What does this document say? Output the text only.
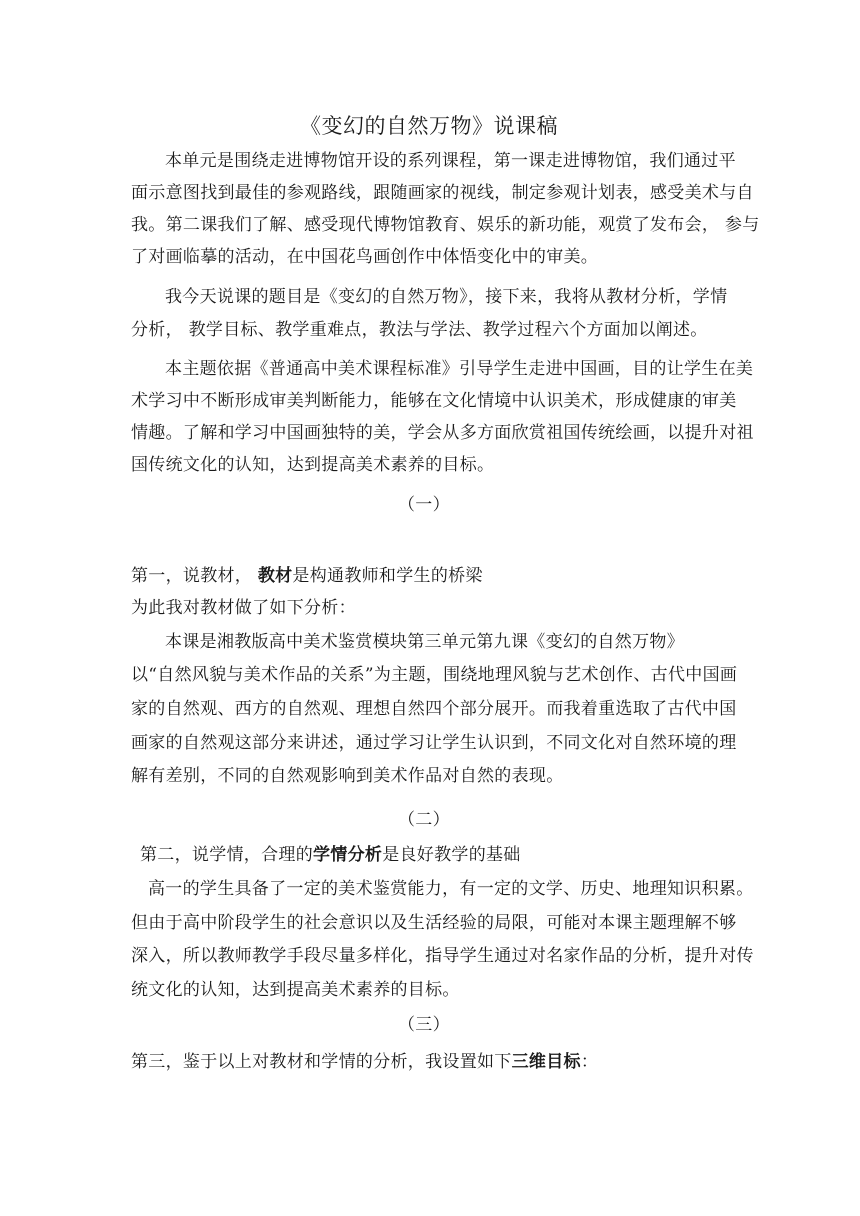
《变幻的自然万物》说课稿
本单元是围绕走进博物馆开设的系列课程，第一课走进博物馆，我们通过平
面示意图找到最佳的参观路线，跟随画家的视线，制定参观计划表，感受美术与自
我。第二课我们了解、感受现代博物馆教育、娱乐的新功能，观赏了发布会， 参与
了对画临摹的活动，在中国花鸟画创作中体悟变化中的审美。
我今天说课的题目是《变幻的自然万物》，接下来，我将从教材分析，学情
分析， 教学目标、教学重难点，教法与学法、教学过程六个方面加以阐述。
本主题依据《普通高中美术课程标准》引导学生走进中国画，目的让学生在美
术学习中不断形成审美判断能力，能够在文化情境中认识美术，形成健康的审美
情趣。了解和学习中国画独特的美，学会从多方面欣赏祖国传统绘画，以提升对祖
国传统文化的认知，达到提高美术素养的目标。
（一）
第一，说教材， 教材是构通教师和学生的桥梁
为此我对教材做了如下分析：
本课是湘教版高中美术鉴赏模块第三单元第九课《变幻的自然万物》
以“自然风貌与美术作品的关系”为主题，围绕地理风貌与艺术创作、古代中国画
家的自然观、西方的自然观、理想自然四个部分展开。而我着重选取了古代中国
画家的自然观这部分来讲述，通过学习让学生认识到，不同文化对自然环境的理
解有差别，不同的自然观影响到美术作品对自然的表现。
（二）
第二，说学情，合理的学情分析是良好教学的基础
高一的学生具备了一定的美术鉴赏能力，有一定的文学、历史、地理知识积累。
但由于高中阶段学生的社会意识以及生活经验的局限，可能对本课主题理解不够
深入，所以教师教学手段尽量多样化，指导学生通过对名家作品的分析，提升对传
统文化的认知，达到提高美术素养的目标。
（三）
第三，鉴于以上对教材和学情的分析，我设置如下三维目标：
